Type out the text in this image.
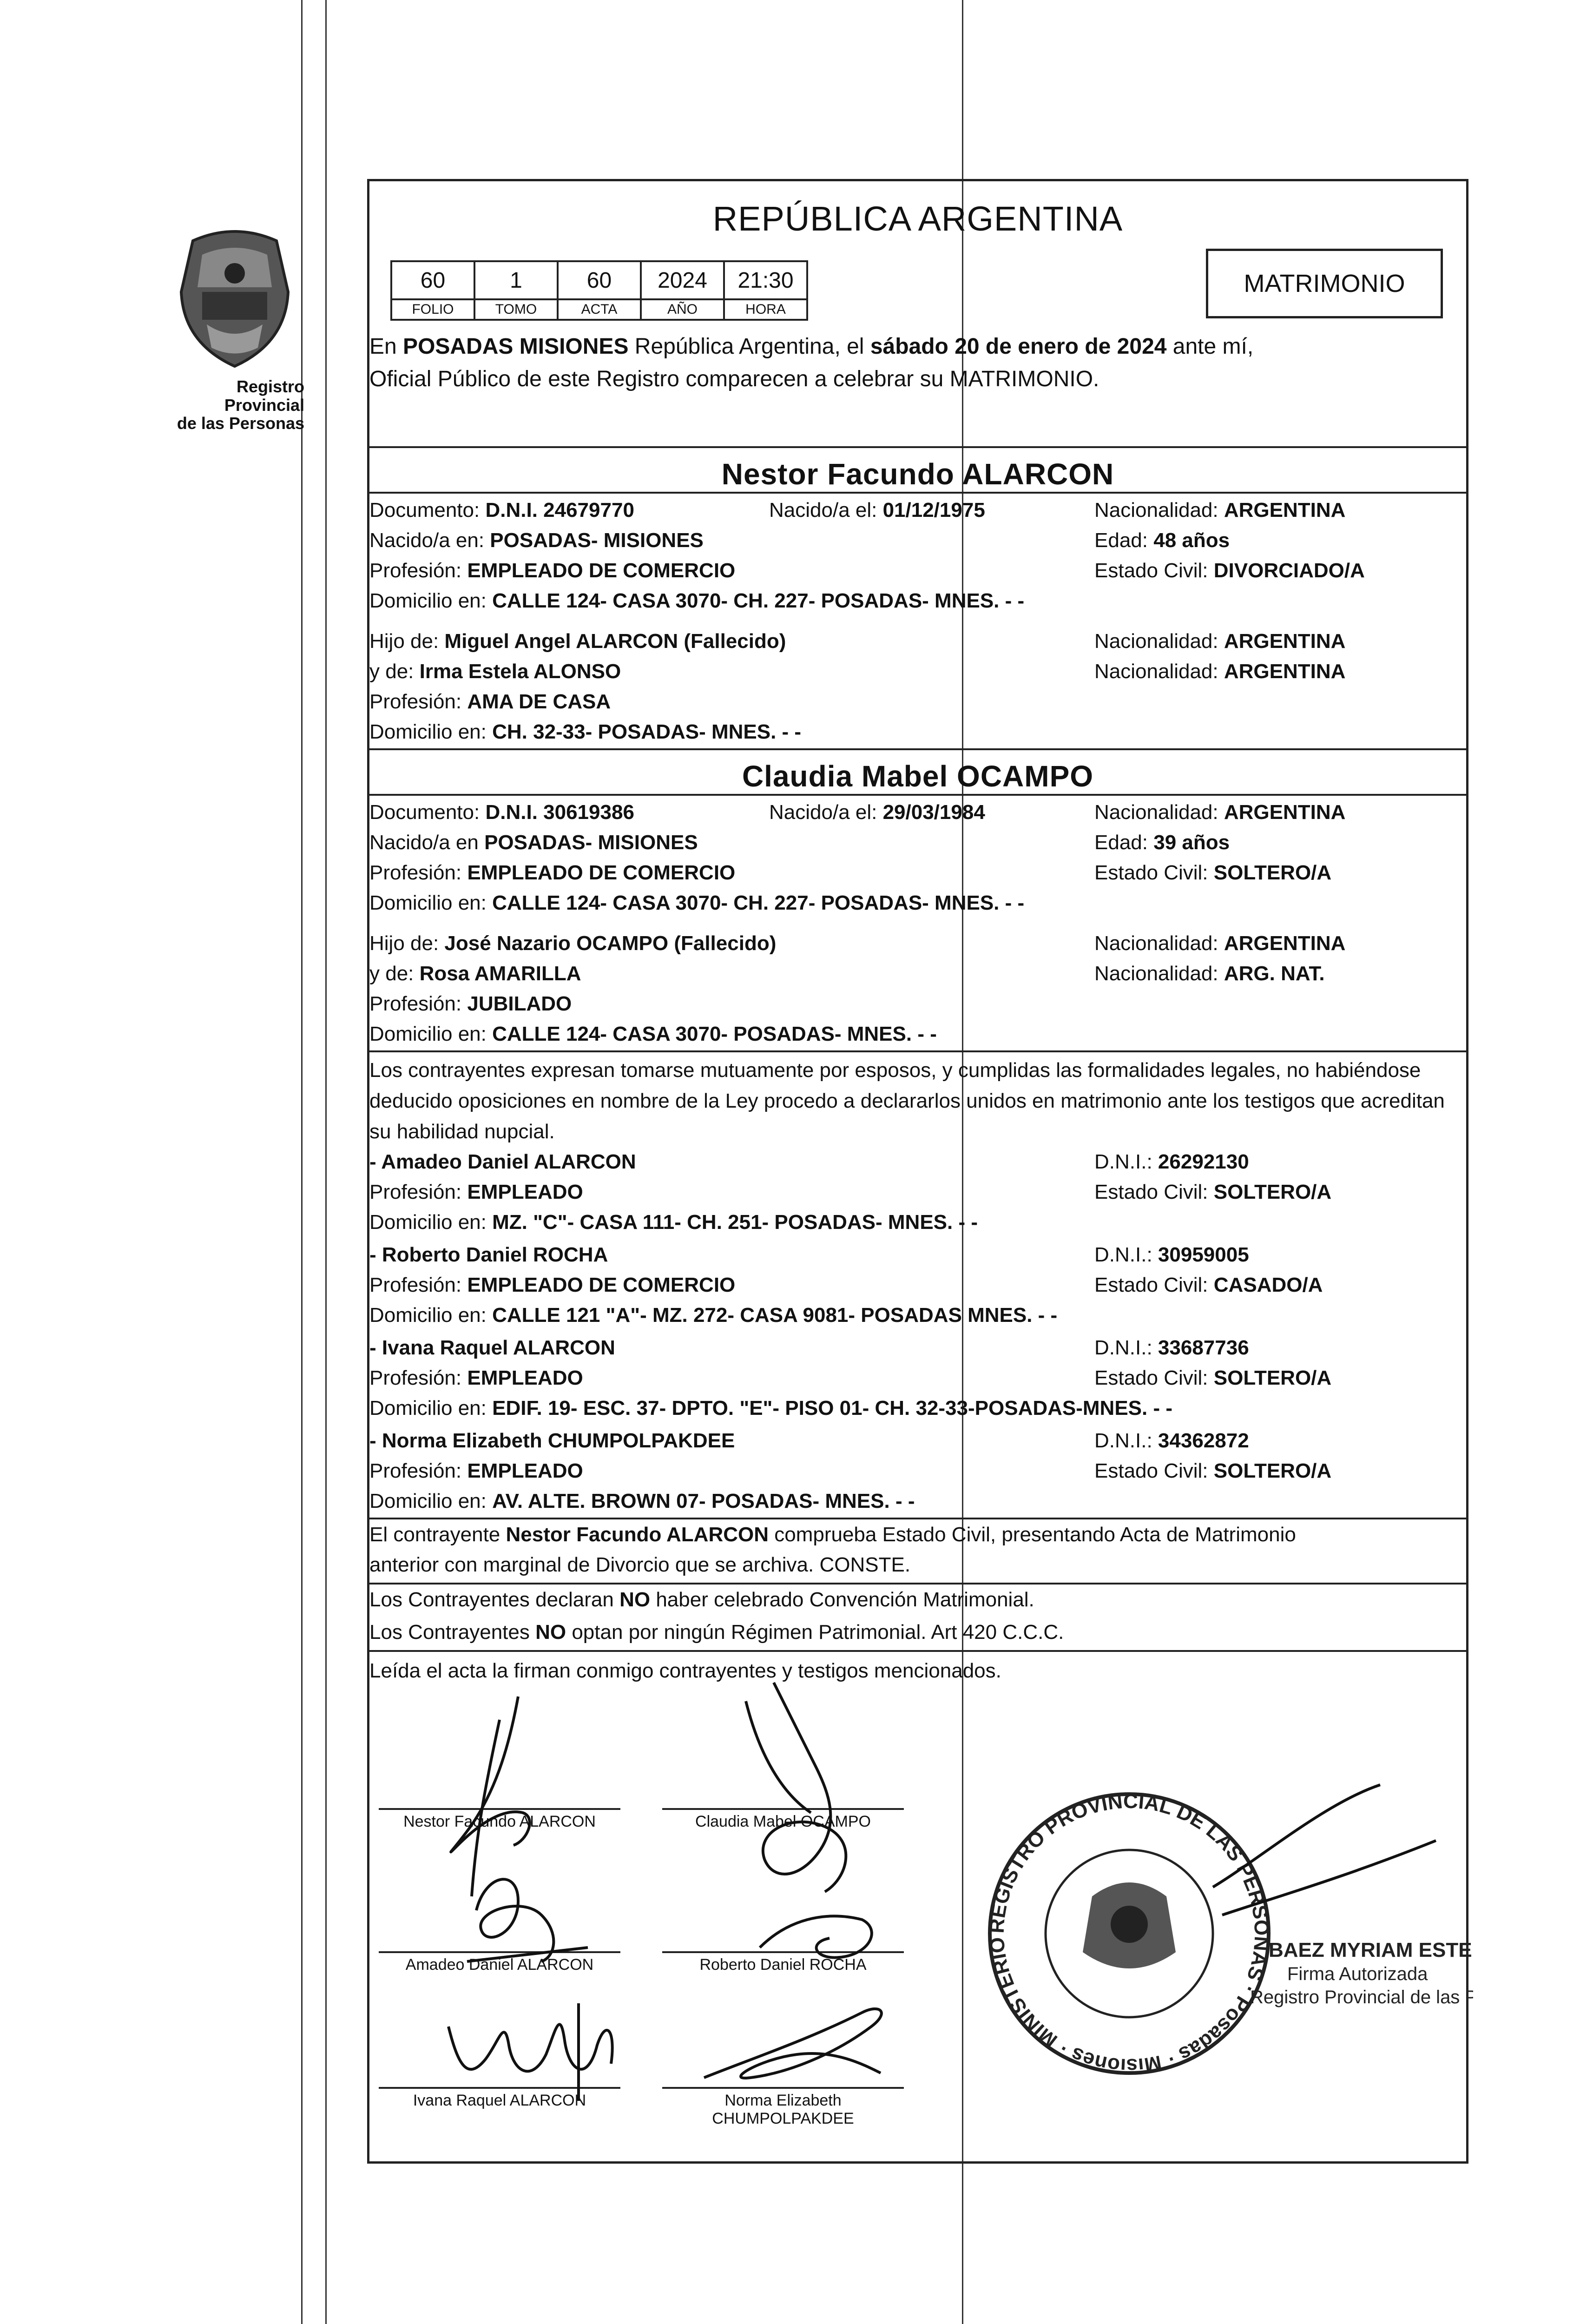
Registro Provincial
de las Personas
REPÚBLICA ARGENTINA
60	1	60	2024	21:30
FOLIO	TOMO	ACTA	AÑO	HORA
MATRIMONIO
En POSADAS MISIONES República Argentina, el sábado 20 de enero de 2024 ante mí,
Oficial Público de este Registro comparecen a celebrar su MATRIMONIO.
Nestor Facundo ALARCON
Documento: D.N.I. 24679770	Nacido/a el: 01/12/1975	Nacionalidad: ARGENTINA
Nacido/a en: POSADAS- MISIONES	Edad: 48 años
Profesión: EMPLEADO DE COMERCIO	Estado Civil: DIVORCIADO/A
Domicilio en: CALLE 124- CASA 3070- CH. 227- POSADAS- MNES. - -
Hijo de: Miguel Angel ALARCON (Fallecido)	Nacionalidad: ARGENTINA
y de: Irma Estela ALONSO	Nacionalidad: ARGENTINA
Profesión: AMA DE CASA
Domicilio en: CH. 32-33- POSADAS- MNES. - -
Claudia Mabel OCAMPO
Documento: D.N.I. 30619386	Nacido/a el: 29/03/1984	Nacionalidad: ARGENTINA
Nacido/a en POSADAS- MISIONES	Edad: 39 años
Profesión: EMPLEADO DE COMERCIO	Estado Civil: SOLTERO/A
Domicilio en: CALLE 124- CASA 3070- CH. 227- POSADAS- MNES. - -
Hijo de: José Nazario OCAMPO (Fallecido)	Nacionalidad: ARGENTINA
y de: Rosa AMARILLA	Nacionalidad: ARG. NAT.
Profesión: JUBILADO
Domicilio en: CALLE 124- CASA 3070- POSADAS- MNES. - -
Los contrayentes expresan tomarse mutuamente por esposos, y cumplidas las formalidades legales, no habiéndose deducido oposiciones en nombre de la Ley procedo a declararlos unidos en matrimonio ante los testigos que acreditan su habilidad nupcial.
- Amadeo Daniel ALARCON	D.N.I.: 26292130
Profesión: EMPLEADO	Estado Civil: SOLTERO/A
Domicilio en: MZ. "C"- CASA 111- CH. 251- POSADAS- MNES. - -
- Roberto Daniel ROCHA	D.N.I.: 30959005
Profesión: EMPLEADO DE COMERCIO	Estado Civil: CASADO/A
Domicilio en: CALLE 121 "A"- MZ. 272- CASA 9081- POSADAS MNES. - -
- Ivana Raquel ALARCON	D.N.I.: 33687736
Profesión: EMPLEADO	Estado Civil: SOLTERO/A
Domicilio en: EDIF. 19- ESC. 37- DPTO. "E"- PISO 01- CH. 32-33-POSADAS-MNES. - -
- Norma Elizabeth CHUMPOLPAKDEE	D.N.I.: 34362872
Profesión: EMPLEADO	Estado Civil: SOLTERO/A
Domicilio en: AV. ALTE. BROWN 07- POSADAS- MNES. - -
El contrayente Nestor Facundo ALARCON comprueba Estado Civil, presentando Acta de Matrimonio
anterior con marginal de Divorcio que se archiva. CONSTE.
Los Contrayentes declaran NO haber celebrado Convención Matrimonial.
Los Contrayentes NO optan por ningún Régimen Patrimonial. Art 420 C.C.C.
Leída el acta la firman conmigo contrayentes y testigos mencionados.
Nestor Facundo ALARCON	Claudia Mabel OCAMPO
Amadeo Daniel ALARCON	Roberto Daniel ROCHA
Ivana Raquel ALARCON	Norma Elizabeth
CHUMPOLPAKDEE
REGISTRO PROVINCIAL DE LAS PERSONAS · Posadas · Misiones · MINISTERIO	BAEZ MYRIAM ESTE
Firma Autorizada
Registro Provincial de las P
